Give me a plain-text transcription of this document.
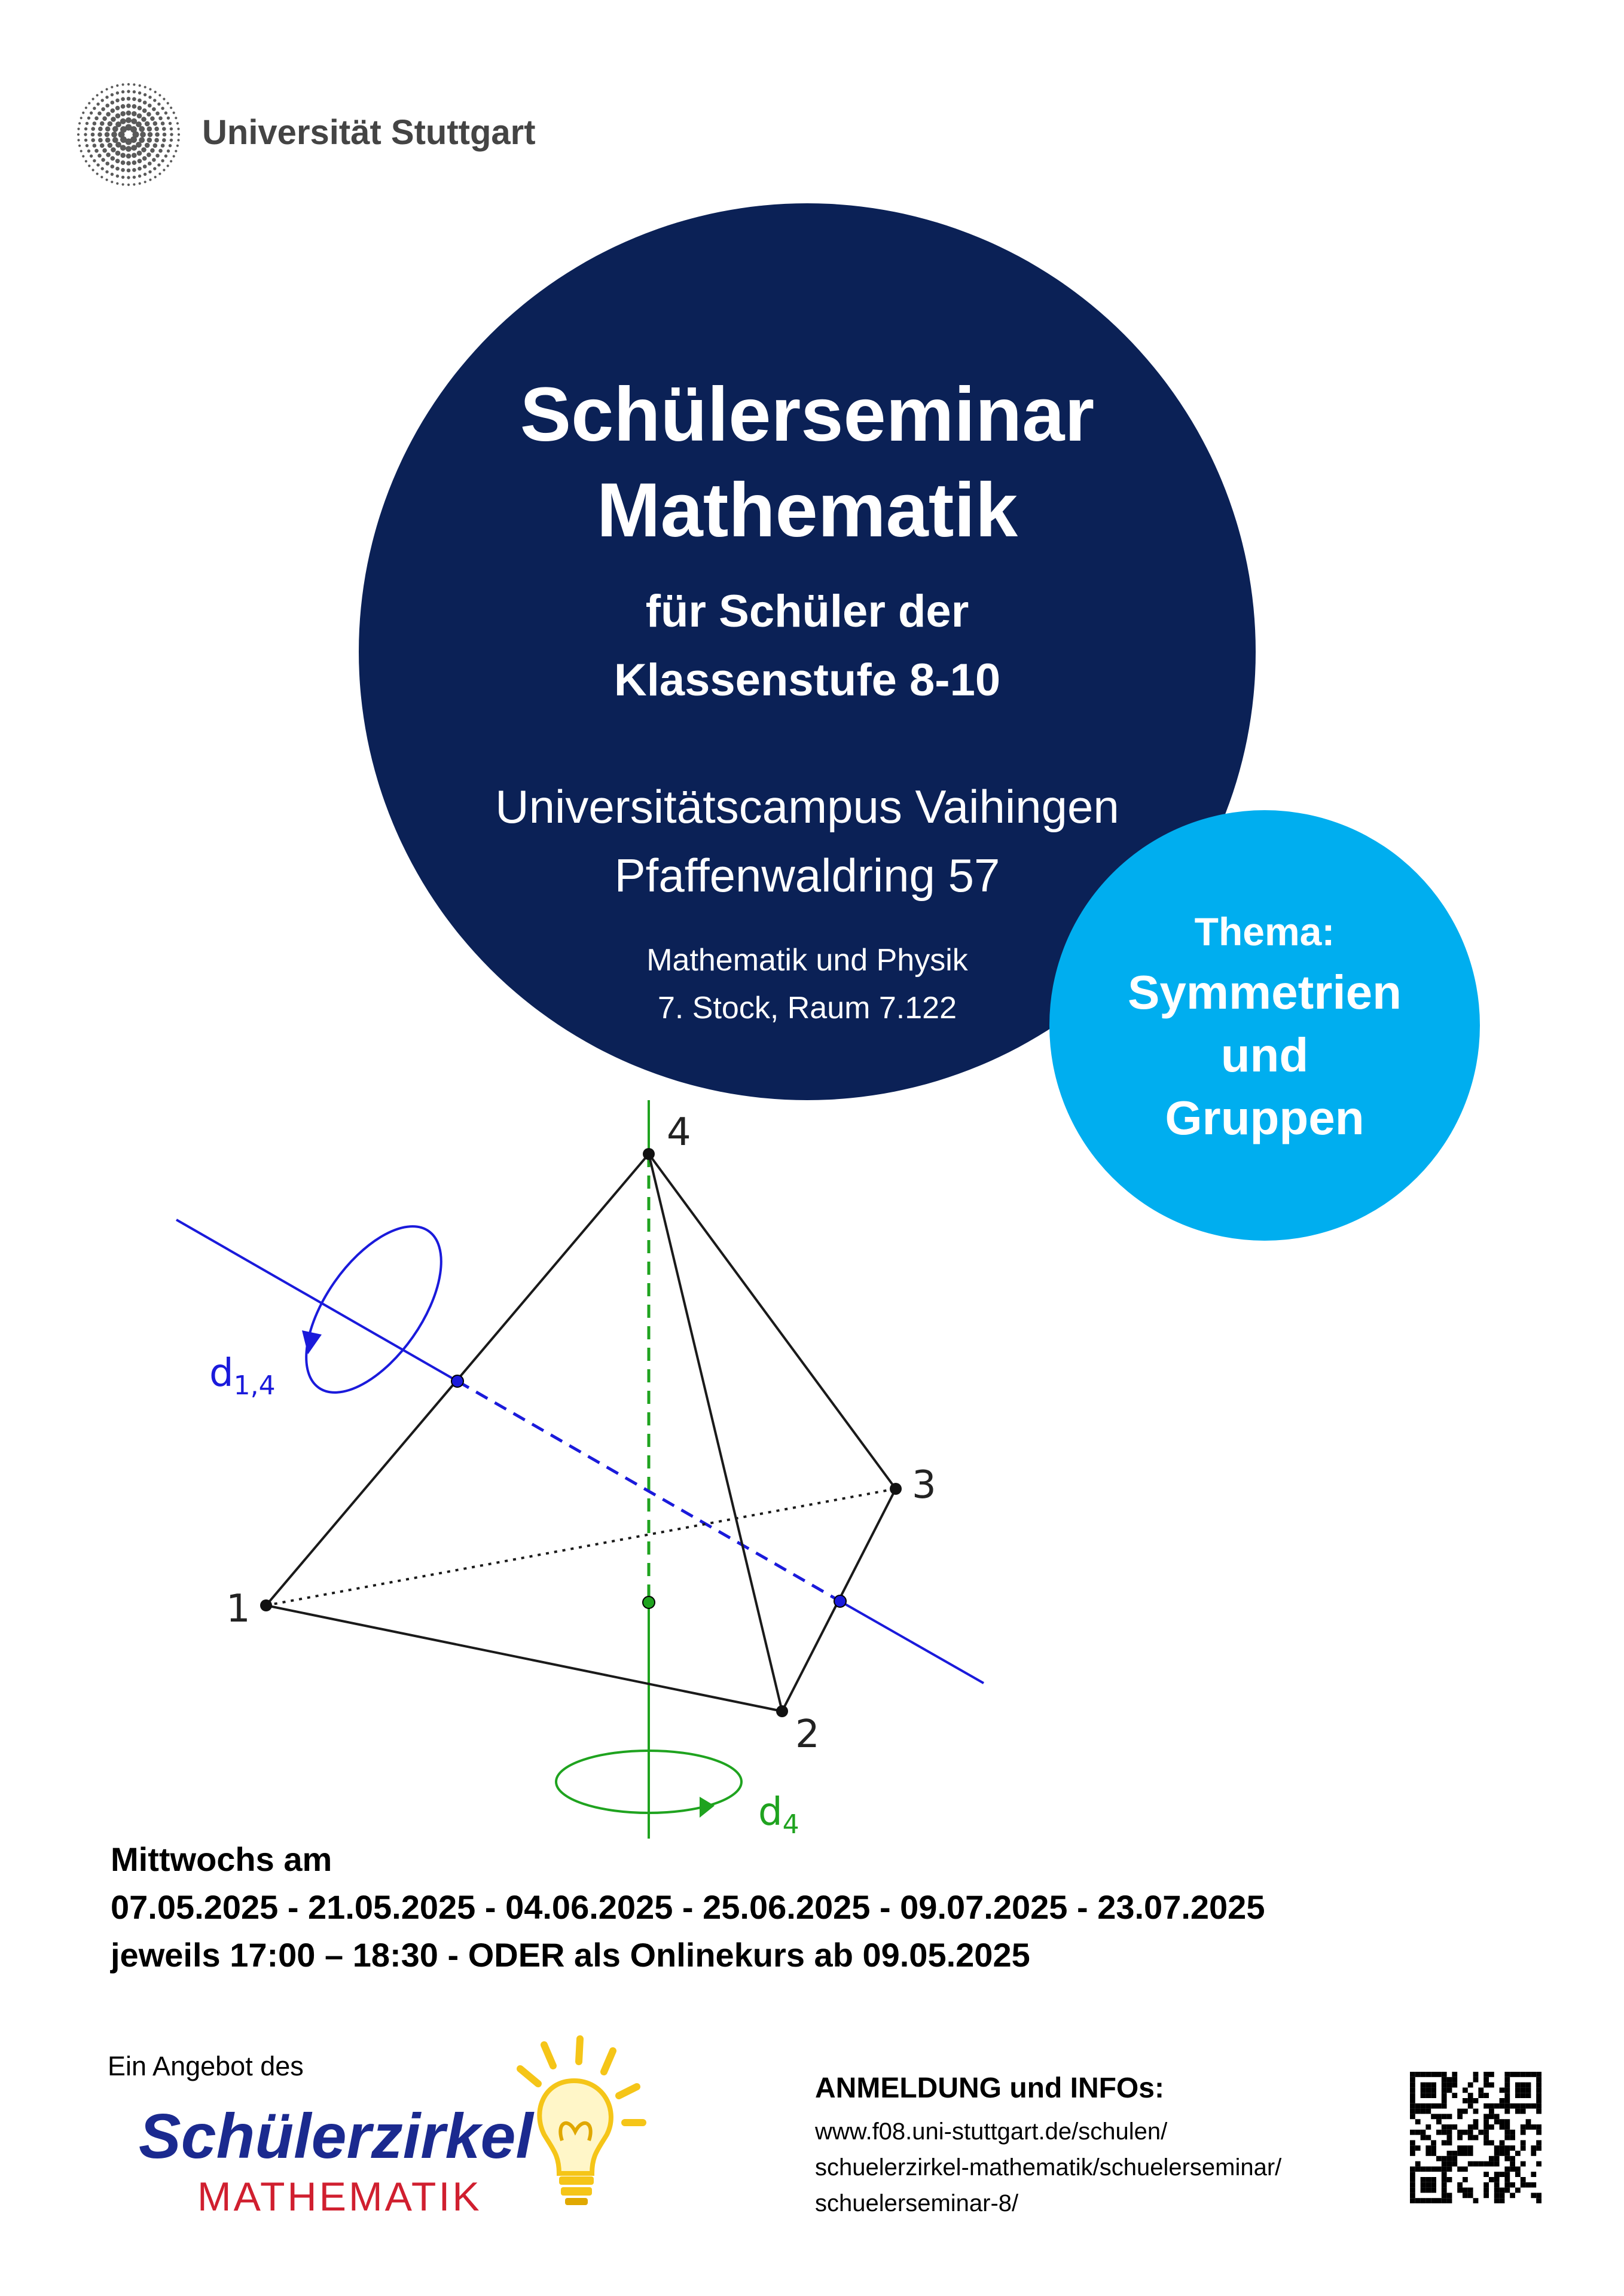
Universität Stuttgart
Schülerseminar
Mathematik
für Schüler der
Klassenstufe 8-10
Universitätscampus Vaihingen
Pfaffenwaldring 57
Mathematik und Physik
7. Stock, Raum 7.122
Thema:
Symmetrien
und
Gruppen
1
2
3
4
$d_{1,4}$
$d_4$
Mittwochs am
07.05.2025 - 21.05.2025 - 04.06.2025 - 25.06.2025 - 09.07.2025 - 23.07.2025
jeweils 17:00 – 18:30 - ODER als Onlinekurs ab 09.05.2025
Ein Angebot des
Schülerzirkel
MATHEMATIK
ANMELDUNG und INFOs:
www.f08.uni-stuttgart.de/schulen/
schuelerzirkel-mathematik/schuelerseminar/
schuelerseminar-8/
